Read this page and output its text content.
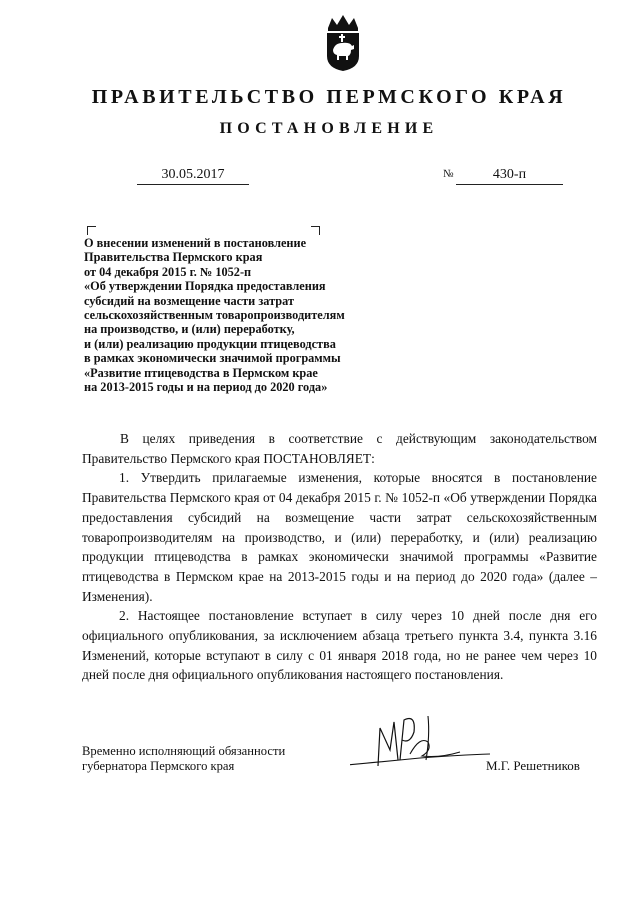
ПРАВИТЕЛЬСТВО ПЕРМСКОГО КРАЯ
ПОСТАНОВЛЕНИЕ
30.05.2017	№	430-п
О внесении изменений в постановление
Правительства Пермского края
от 04 декабря 2015 г. № 1052-п
«Об утверждении Порядка предоставления
субсидий на возмещение части затрат
сельскохозяйственным товаропроизводителям
на производство, и (или) переработку,
и (или) реализацию продукции птицеводства
в рамках экономически значимой программы
«Развитие птицеводства в Пермском крае
на 2013-2015 годы и на период до 2020 года»

В целях приведения в соответствие с действующим законодательством Правительство Пермского края ПОСТАНОВЛЯЕТ:

1. Утвердить прилагаемые изменения, которые вносятся в постановление Правительства Пермского края от 04 декабря 2015 г. № 1052-п «Об утверждении Порядка предоставления субсидий на возмещение части затрат сельскохозяйственным товаропроизводителям на производство, и (или) переработку, и (или) реализацию продукции птицеводства в рамках экономически значимой программы «Развитие птицеводства в Пермском крае на 2013-2015 годы и на период до 2020 года» (далее – Изменения).

2. Настоящее постановление вступает в силу через 10 дней после дня его официального опубликования, за исключением абзаца третьего пункта 3.4, пункта 3.16 Изменений, которые вступают в силу с 01 января 2018 года, но не ранее чем через 10 дней после дня официального опубликования настоящего постановления.

Временно исполняющий обязанности
губернатора Пермского края	М.Г. Решетников
